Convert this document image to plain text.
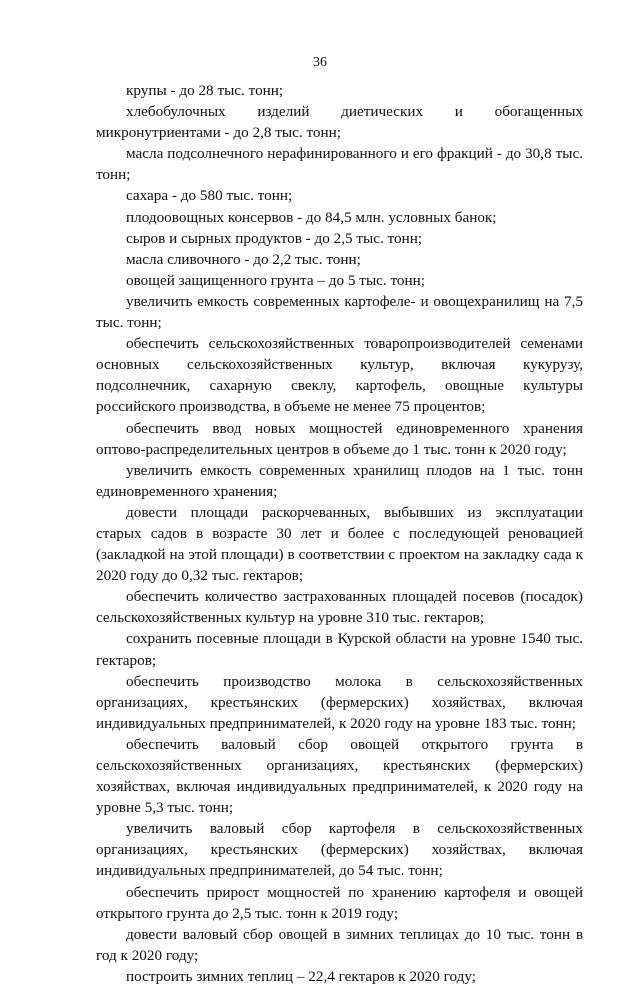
36

крупы - до 28 тыс. тонн;

хлебобулочных изделий диетических и обогащенных микронутриентами - до 2,8 тыс. тонн;

масла подсолнечного нерафинированного и его фракций - до 30,8 тыс. тонн;

сахара - до 580 тыс. тонн;

плодоовощных консервов - до 84,5 млн. условных банок;

сыров и сырных продуктов - до 2,5 тыс. тонн;

масла сливочного - до 2,2 тыс. тонн;

овощей защищенного грунта – до 5 тыс. тонн;

увеличить емкость современных картофеле- и овощехранилищ на 7,5 тыс. тонн;

обеспечить сельскохозяйственных товаропроизводителей семенами основных сельскохозяйственных культур, включая кукурузу, подсолнечник, сахарную свеклу, картофель, овощные культуры российского производства, в объеме не менее 75 процентов;

обеспечить ввод новых мощностей единовременного хранения оптово-распределительных центров в объеме до 1 тыс. тонн к 2020 году;

увеличить емкость современных хранилищ плодов на 1 тыс. тонн единовременного хранения;

довести площади раскорчеванных, выбывших из эксплуатации старых садов в возрасте 30 лет и более с последующей реновацией (закладкой на этой площади) в соответствии с проектом на закладку сада к 2020 году до 0,32 тыс. гектаров;

обеспечить количество застрахованных площадей посевов (посадок) сельскохозяйственных культур на уровне 310 тыс. гектаров;

сохранить посевные площади в Курской области на уровне 1540 тыс. гектаров;

обеспечить производство молока в сельскохозяйственных организациях, крестьянских (фермерских) хозяйствах, включая индивидуальных предпринимателей, к 2020 году на уровне 183 тыс. тонн;

обеспечить валовый сбор овощей открытого грунта в сельскохозяйственных организациях, крестьянских (фермерских) хозяйствах, включая индивидуальных предпринимателей, к 2020 году на уровне 5,3 тыс. тонн;

увеличить валовый сбор картофеля в сельскохозяйственных организациях, крестьянских (фермерских) хозяйствах, включая индивидуальных предпринимателей, до 54 тыс. тонн;

обеспечить прирост мощностей по хранению картофеля и овощей открытого грунта до 2,5 тыс. тонн к 2019 году;

довести валовый сбор овощей в зимних теплицах до 10 тыс. тонн в год к 2020 году;

построить зимних теплиц – 22,4 гектаров к 2020 году;
